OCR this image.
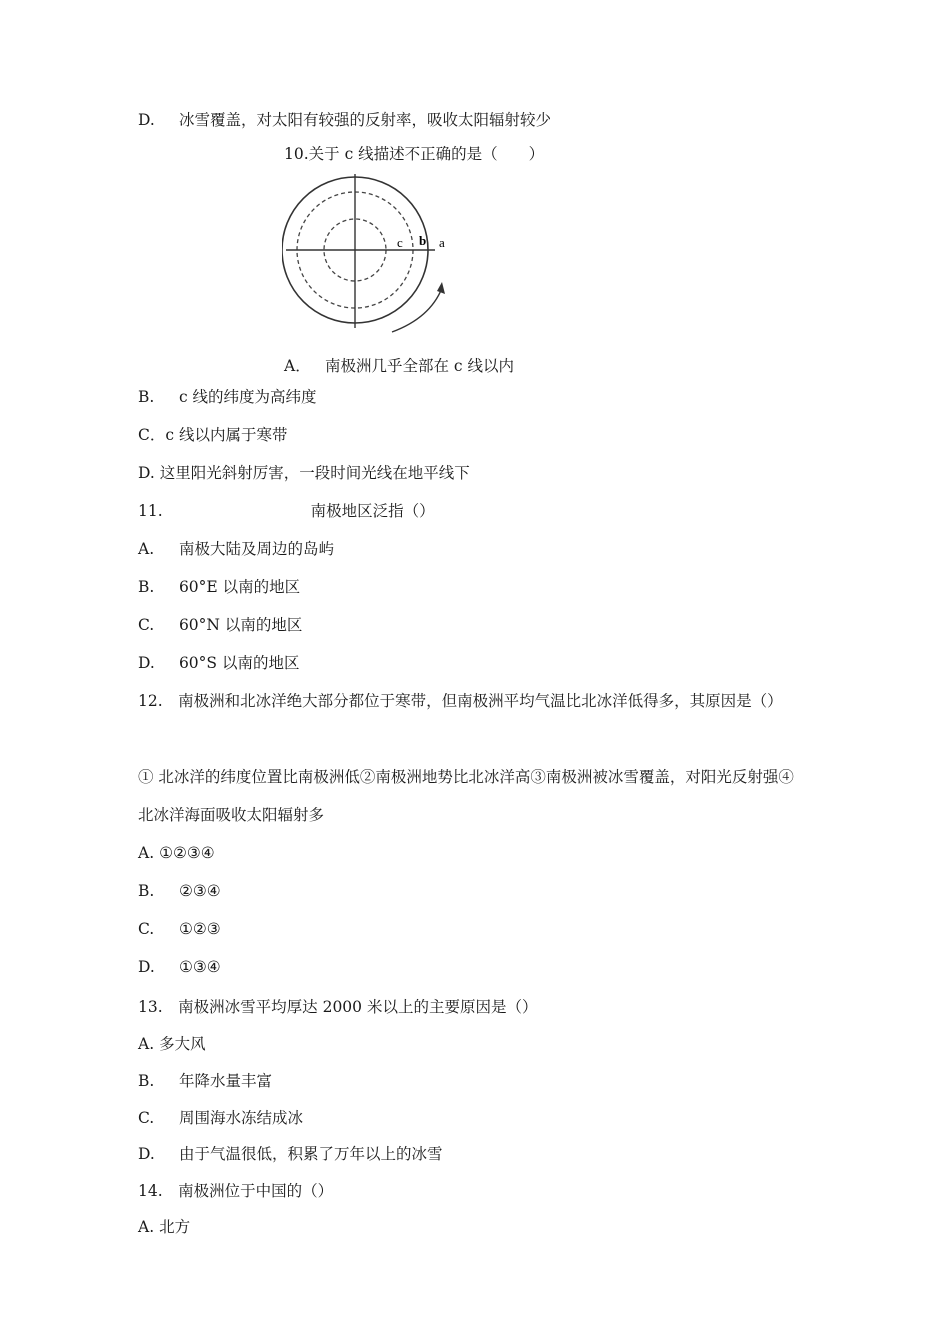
D. 冰雪覆盖，对太阳有较强的反射率，吸收太阳辐射较少
10.关于 c 线描述不正确的是（　　）
c b a
A． 南极洲几乎全部在 c 线以内
B. c 线的纬度为高纬度
C．c 线以内属于寒带
D. 这里阳光斜射厉害，一段时间光线在地平线下
11.	南极地区泛指（）
A. 南极大陆及周边的岛屿
B. 60°E 以南的地区
C. 60°N 以南的地区
D. 60°S 以南的地区
12.　南极洲和北冰洋绝大部分都位于寒带，但南极洲平均气温比北冰洋低得多，其原因是（）
① 北冰洋的纬度位置比南极洲低②南极洲地势比北冰洋高③南极洲被冰雪覆盖，对阳光反射强④北冰洋海面吸收太阳辐射多
A. ①②③④
B. ②③④
C. ①②③
D. ①③④
13.　南极洲冰雪平均厚达 2000 米以上的主要原因是（）
A. 多大风
B. 年降水量丰富
C. 周围海水冻结成冰
D. 由于气温很低，积累了万年以上的冰雪
14.　南极洲位于中国的（）
A. 北方
